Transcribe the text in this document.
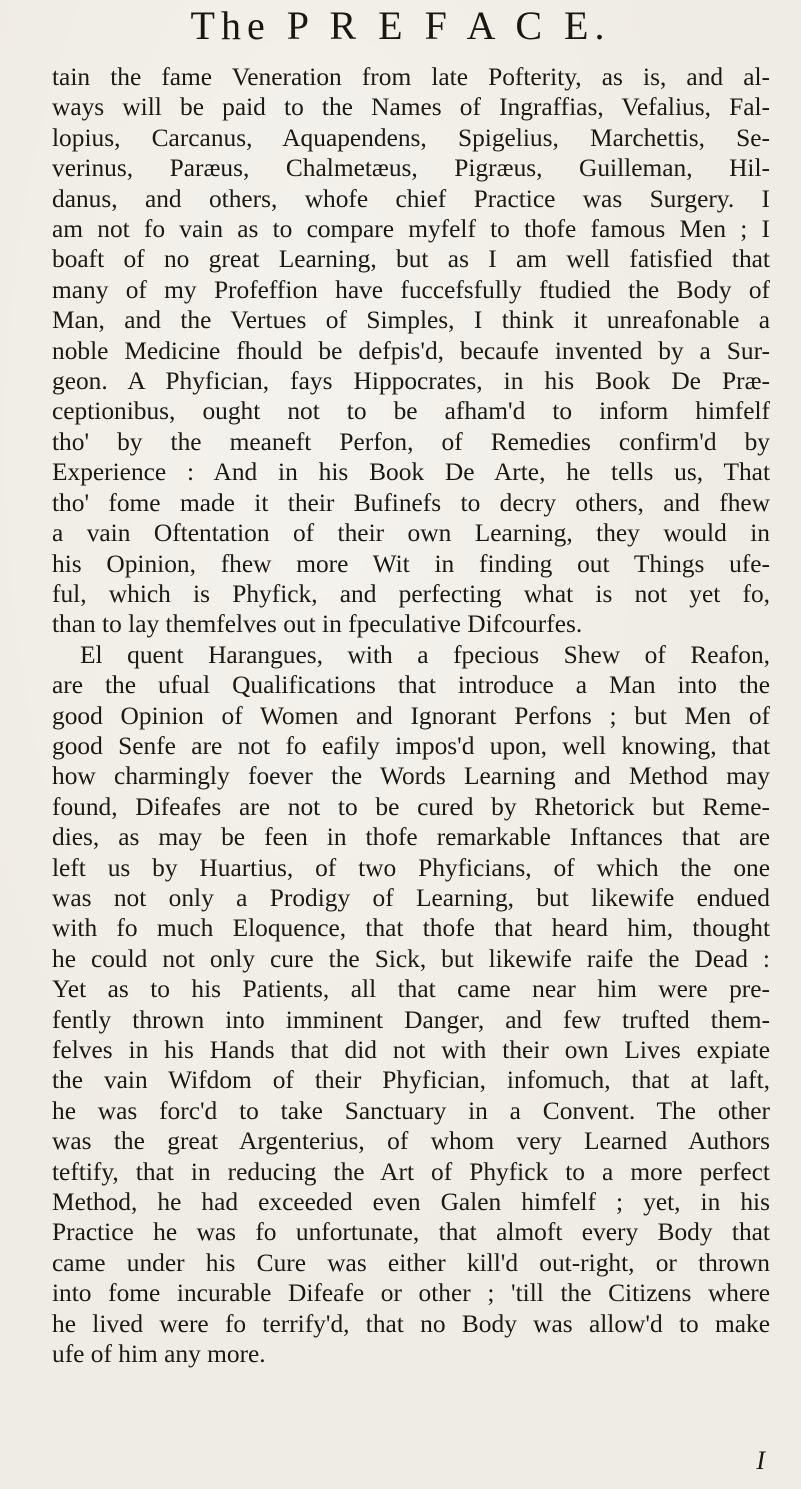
The P R E F A C E.
tain the fame Veneration from late Pofterity, as is, and al-
ways will be paid to the Names of Ingraffias, Vefalius, Fal-
lopius, Carcanus, Aquapendens, Spigelius, Marchettis, Se-
verinus, Paræus, Chalmetæus, Pigræus, Guilleman, Hil-
danus, and others, whofe chief Practice was Surgery. I
am not fo vain as to compare myfelf to thofe famous Men ; I
boaft of no great Learning, but as I am well fatisfied that
many of my Profeffion have fuccefsfully ftudied the Body of
Man, and the Vertues of Simples, I think it unreafonable a
noble Medicine fhould be defpis'd, becaufe invented by a Sur-
geon. A Phyfician, fays Hippocrates, in his Book De Præ-
ceptionibus, ought not to be afham'd to inform himfelf
tho' by the meaneft Perfon, of Remedies confirm'd by
Experience : And in his Book De Arte, he tells us, That
tho' fome made it their Bufinefs to decry others, and fhew
a vain Oftentation of their own Learning, they would in
his Opinion, fhew more Wit in finding out Things ufe-
ful, which is Phyfick, and perfecting what is not yet fo,
than to lay themfelves out in fpeculative Difcourfes.
El quent Harangues, with a fpecious Shew of Reafon,
are the ufual Qualifications that introduce a Man into the
good Opinion of Women and Ignorant Perfons ; but Men of
good Senfe are not fo eafily impos'd upon, well knowing, that
how charmingly foever the Words Learning and Method may
found, Difeafes are not to be cured by Rhetorick but Reme-
dies, as may be feen in thofe remarkable Inftances that are
left us by Huartius, of two Phyficians, of which the one
was not only a Prodigy of Learning, but likewife endued
with fo much Eloquence, that thofe that heard him, thought
he could not only cure the Sick, but likewife raife the Dead :
Yet as to his Patients, all that came near him were pre-
fently thrown into imminent Danger, and few trufted them-
felves in his Hands that did not with their own Lives expiate
the vain Wifdom of their Phyfician, infomuch, that at laft,
he was forc'd to take Sanctuary in a Convent. The other
was the great Argenterius, of whom very Learned Authors
teftify, that in reducing the Art of Phyfick to a more perfect
Method, he had exceeded even Galen himfelf ; yet, in his
Practice he was fo unfortunate, that almoft every Body that
came under his Cure was either kill'd out-right, or thrown
into fome incurable Difeafe or other ; 'till the Citizens where
he lived were fo terrify'd, that no Body was allow'd to make
ufe of him any more.
I
